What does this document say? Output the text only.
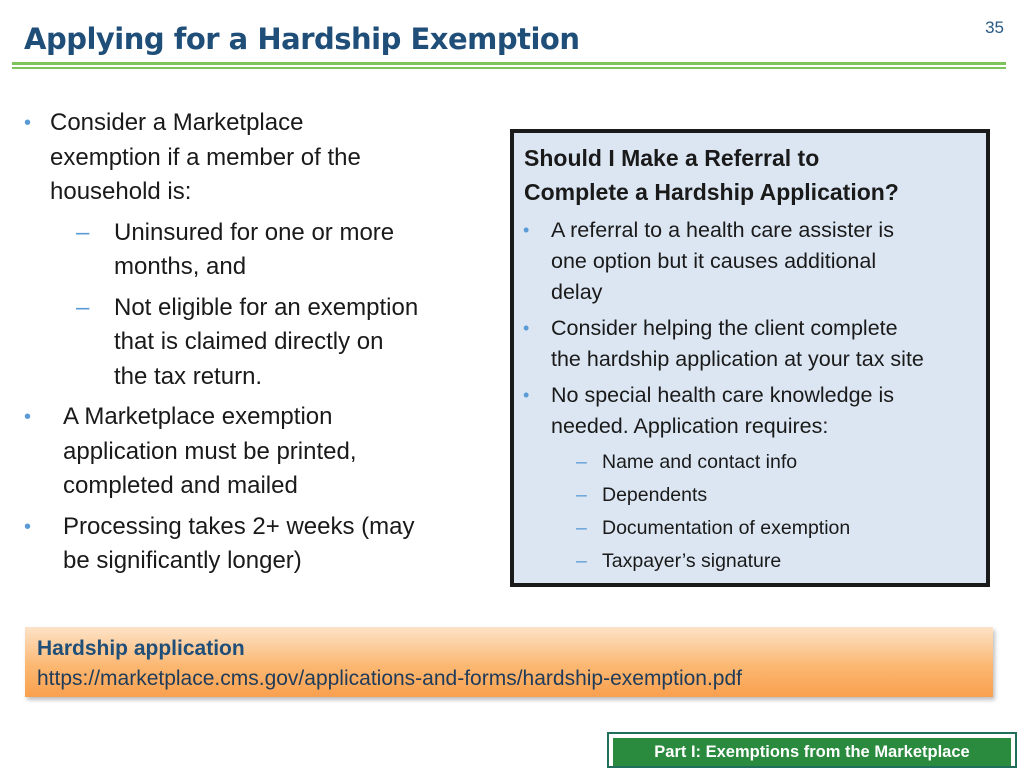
35
Applying for a Hardship Exemption
• Consider a Marketplace
exemption if a member of the
household is:
– Uninsured for one or more
months, and
– Not eligible for an exemption
that is claimed directly on
the tax return.
• A Marketplace exemption
application must be printed,
completed and mailed
• Processing takes 2+ weeks (may
be significantly longer)
Should I Make a Referral to
Complete a Hardship Application?
• A referral to a health care assister is
one option but it causes additional
delay
• Consider helping the client complete
the hardship application at your tax site
• No special health care knowledge is
needed. Application requires:
– Name and contact info
– Dependents
– Documentation of exemption
– Taxpayer’s signature
Hardship application
https://marketplace.cms.gov/applications-and-forms/hardship-exemption.pdf
Part I: Exemptions from the Marketplace
